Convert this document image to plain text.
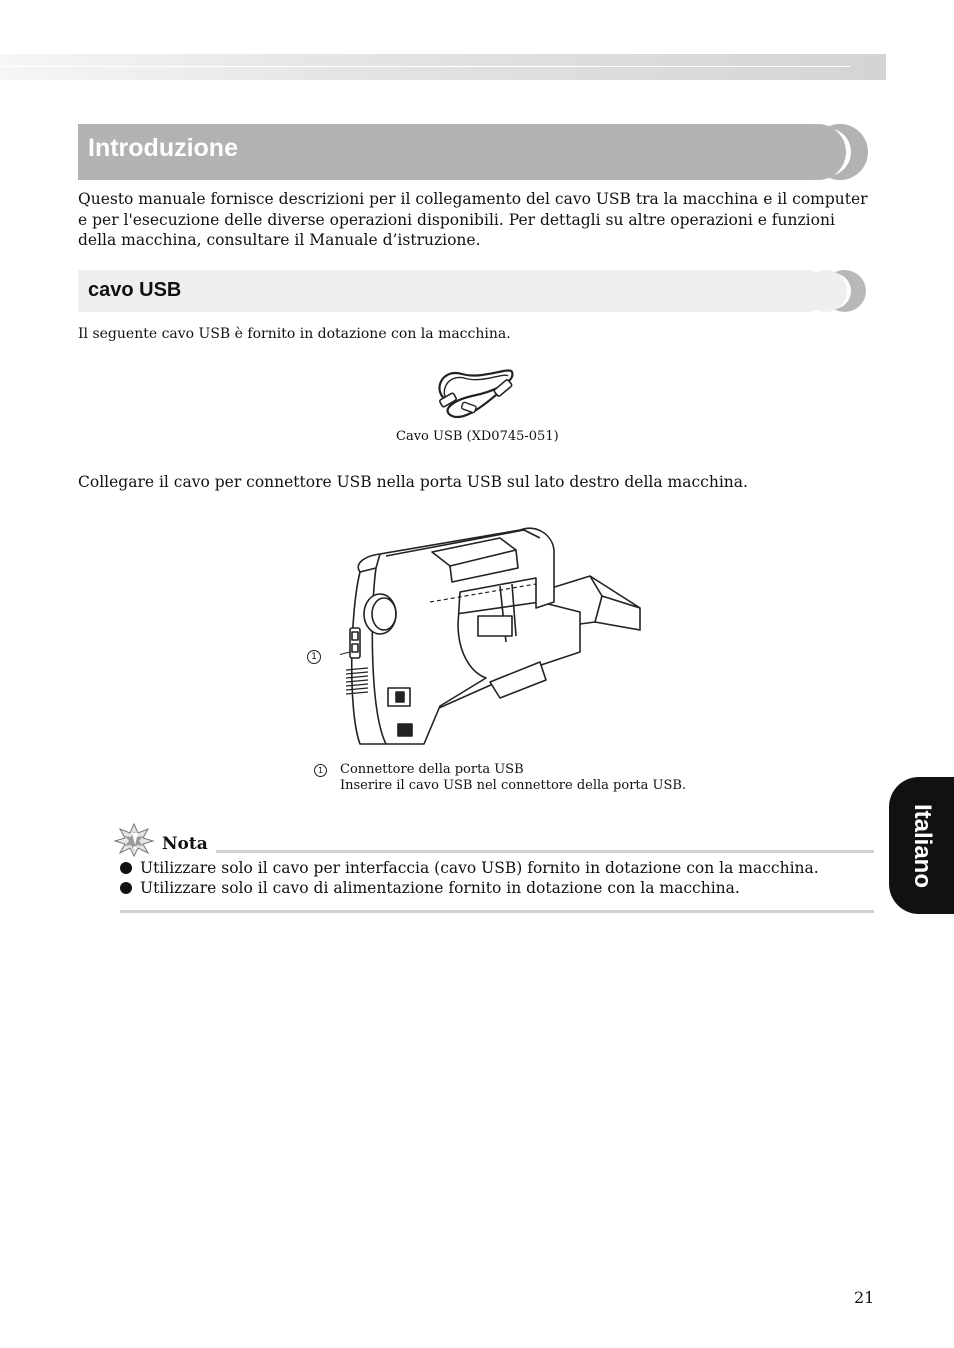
Introduzione

Questo manuale fornisce descrizioni per il collegamento del cavo USB tra la macchina e il computer e per l'esecuzione delle diverse operazioni disponibili. Per dettagli su altre operazioni e funzioni della macchina, consultare il Manuale d’istruzione.

cavo USB

Il seguente cavo USB è fornito in dotazione con la macchina.

Cavo USB (XD0745-051)

Collegare il cavo per connettore USB nella porta USB sul lato destro della macchina.

1
1	Connettore della porta USB

Inserire il cavo USB nel connettore della porta USB.

Nota
Utilizzare solo il cavo per interfaccia (cavo USB) fornito in dotazione con la macchina.
Utilizzare solo il cavo di alimentazione fornito in dotazione con la macchina.
Italiano
21
